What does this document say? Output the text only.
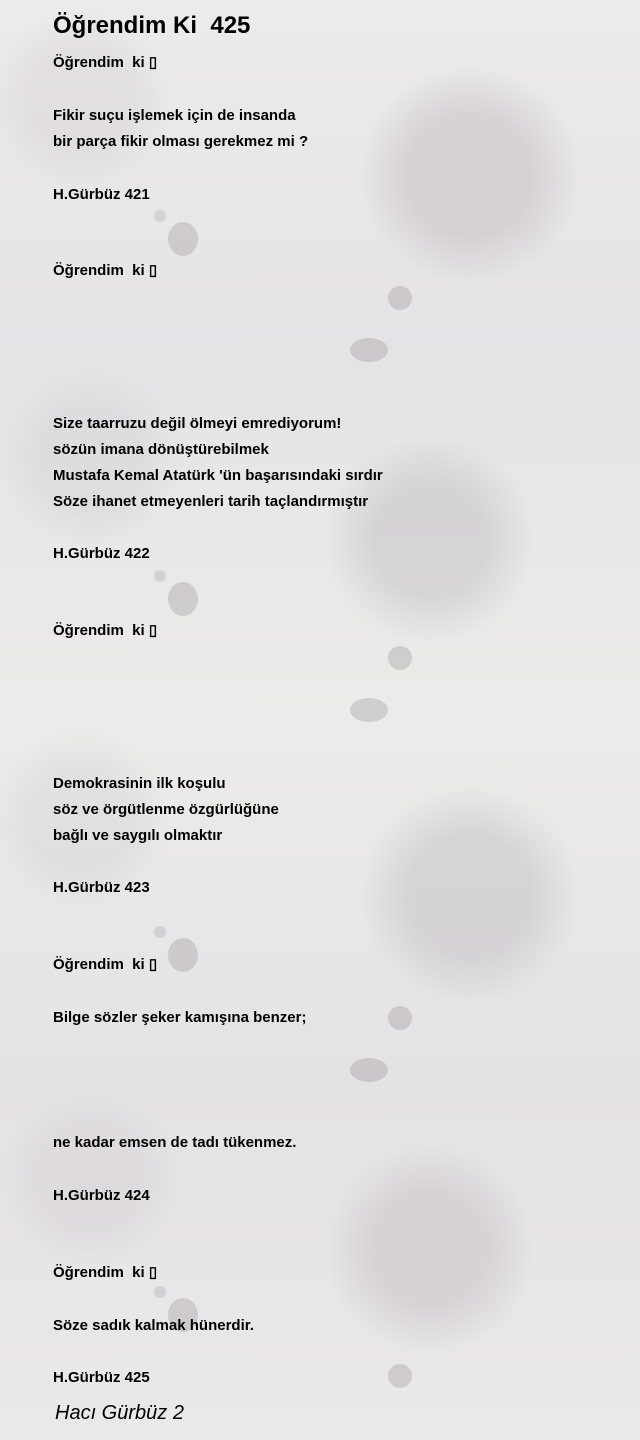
Öğrendim Ki  425

Öğrendim  ki ▯

Fikir suçu işlemek için de insanda

bir parça fikir olması gerekmez mi ?

H.Gürbüz 421

Öğrendim  ki ▯

Size taarruzu değil ölmeyi emrediyorum!

sözün imana dönüştürebilmek

Mustafa Kemal Atatürk 'ün başarısındaki sırdır

Söze ihanet etmeyenleri tarih taçlandırmıştır

H.Gürbüz 422

Öğrendim  ki ▯

Demokrasinin ilk koşulu

söz ve örgütlenme özgürlüğüne

bağlı ve saygılı olmaktır

H.Gürbüz 423

Öğrendim  ki ▯

Bilge sözler şeker kamışına benzer;

ne kadar emsen de tadı tükenmez.

H.Gürbüz 424

Öğrendim  ki ▯

Söze sadık kalmak hünerdir.

H.Gürbüz 425

Hacı Gürbüz 2
